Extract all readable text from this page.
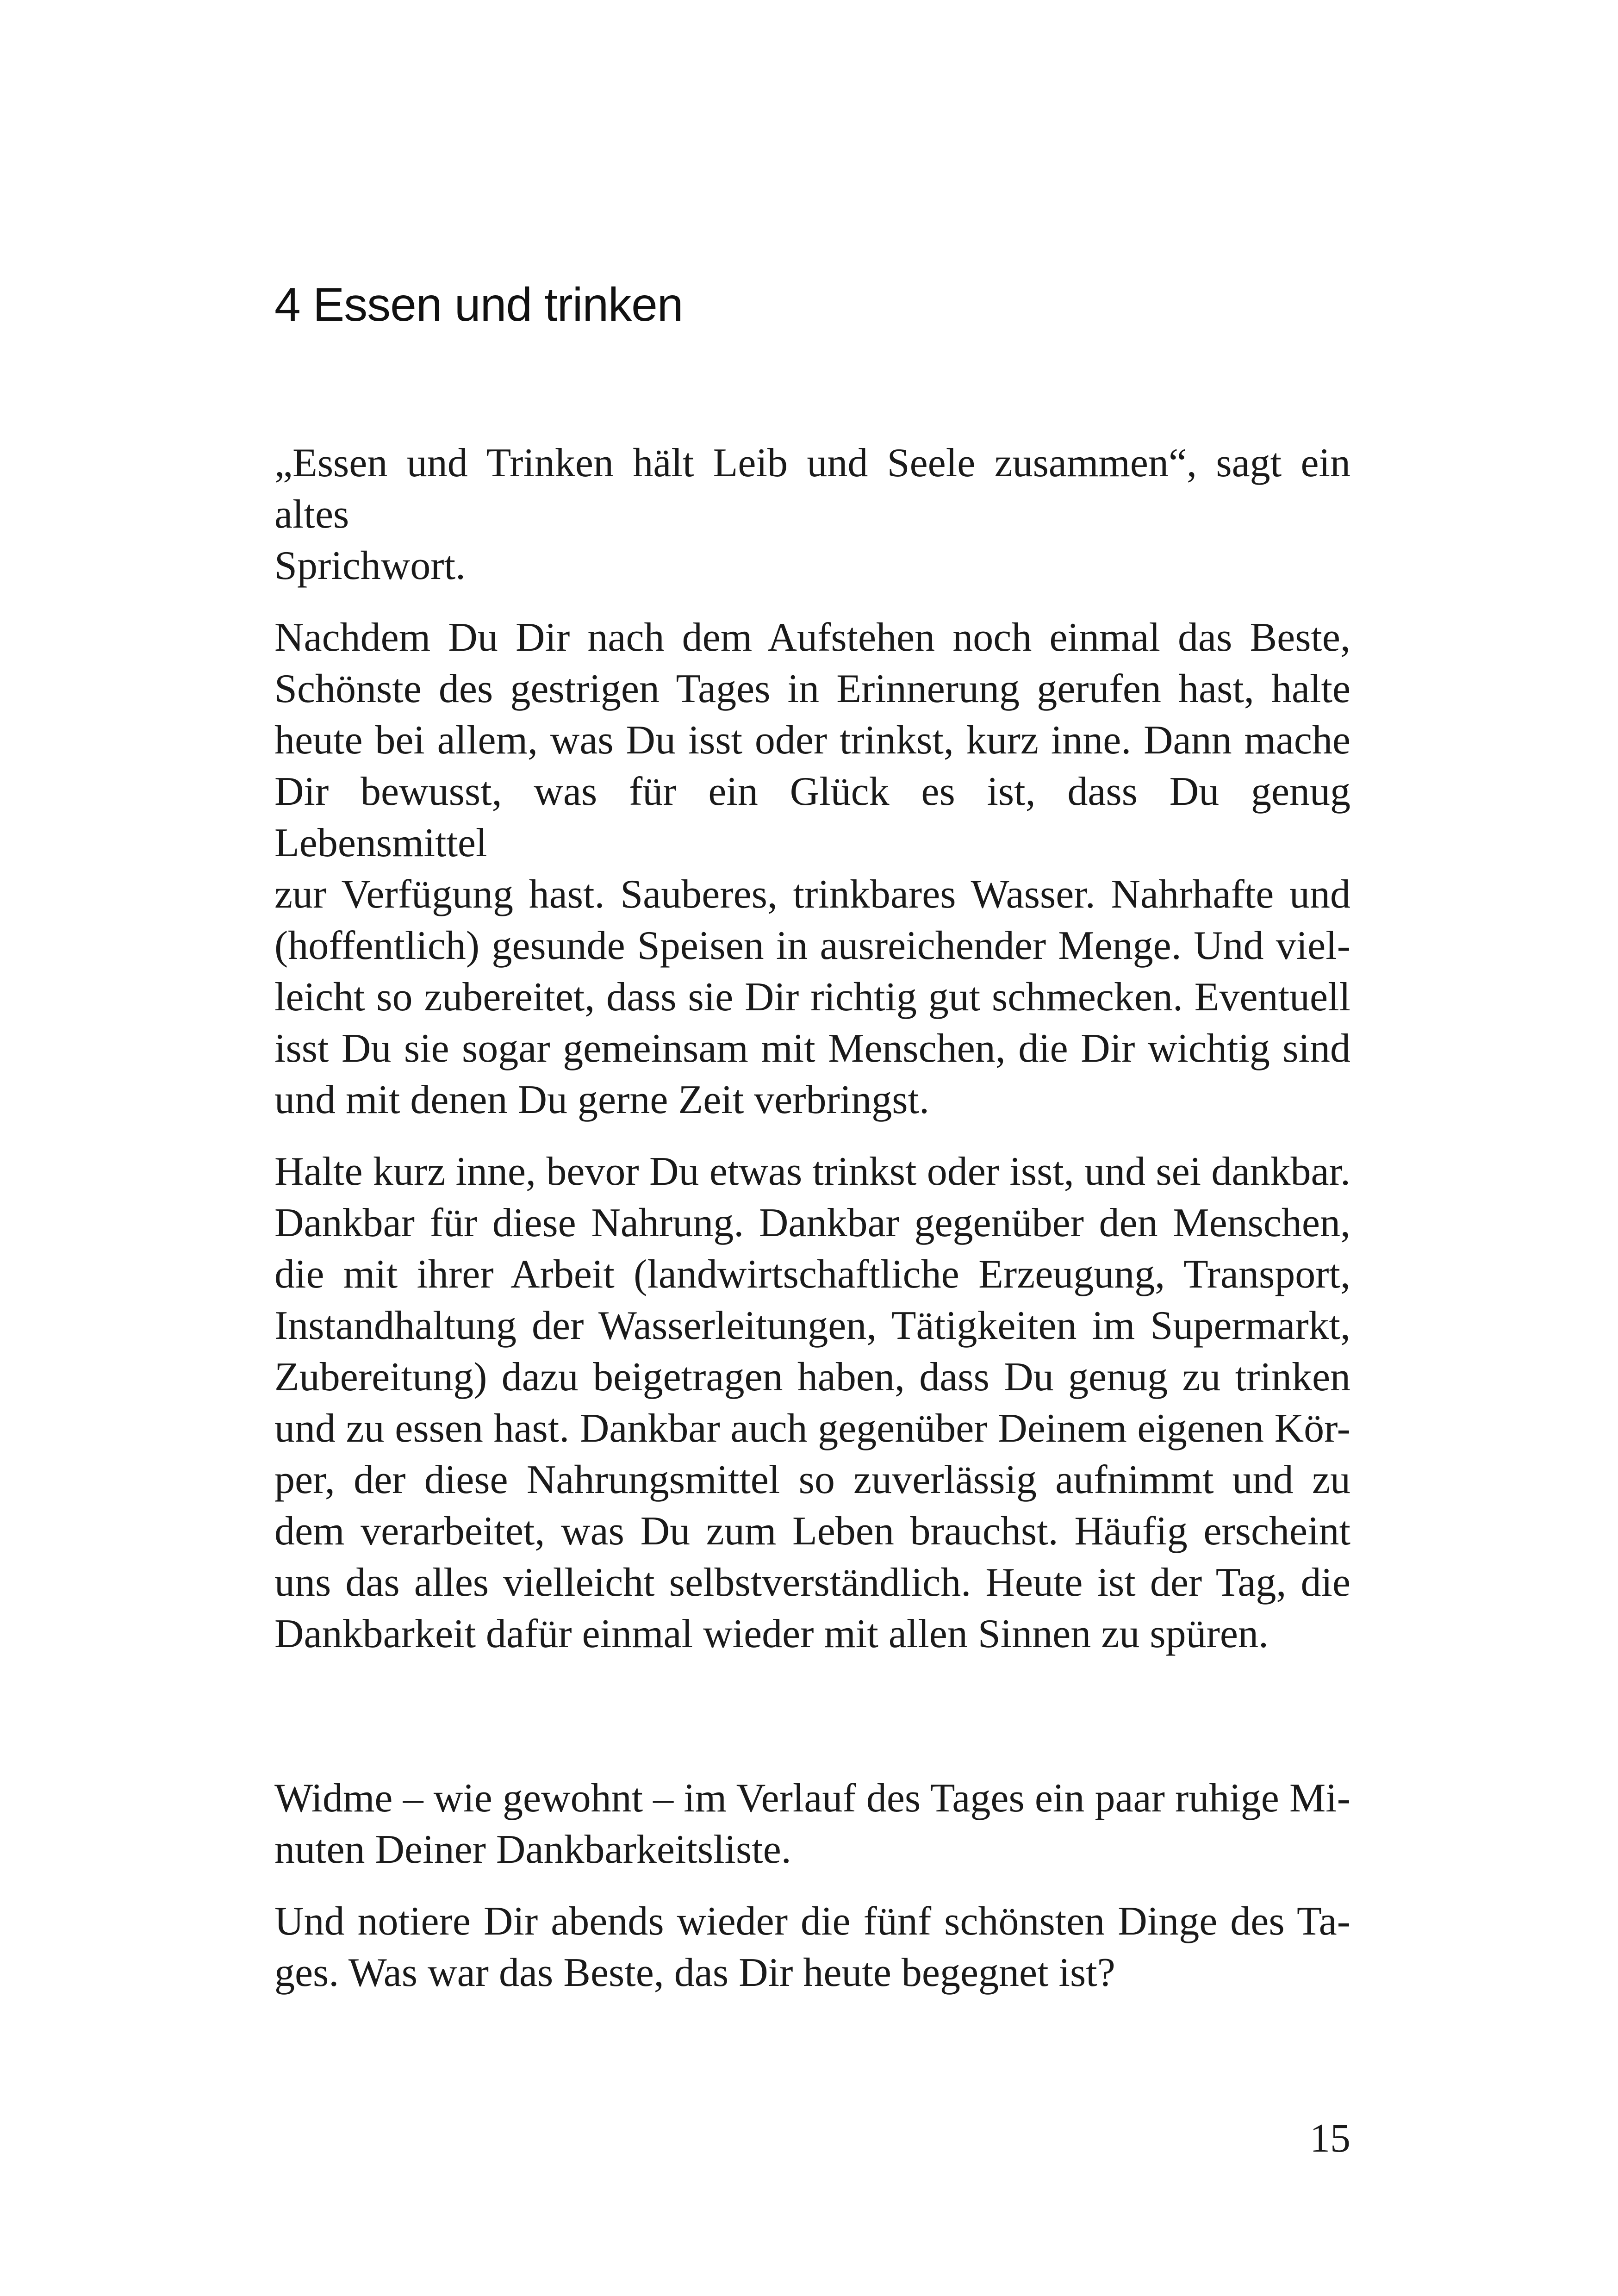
4 Essen und trinken

„Essen und Trinken hält Leib und Seele zusammen“, sagt ein altes
Sprichwort.

Nachdem Du Dir nach dem Aufstehen noch einmal das Beste,
Schönste des gestrigen Tages in Erinnerung gerufen hast, halte
heute bei allem, was Du isst oder trinkst, kurz inne. Dann mache
Dir bewusst, was für ein Glück es ist, dass Du genug Lebensmittel
zur Verfügung hast. Sauberes, trinkbares Wasser. Nahrhafte und
(hoffentlich) gesunde Speisen in ausreichender Menge. Und viel-
leicht so zubereitet, dass sie Dir richtig gut schmecken. Eventuell
isst Du sie sogar gemeinsam mit Menschen, die Dir wichtig sind
und mit denen Du gerne Zeit verbringst.

Halte kurz inne, bevor Du etwas trinkst oder isst, und sei dankbar.
Dankbar für diese Nahrung. Dankbar gegenüber den Menschen,
die mit ihrer Arbeit (landwirtschaftliche Erzeugung, Transport,
Instandhaltung der Wasserleitungen, Tätigkeiten im Supermarkt,
Zubereitung) dazu beigetragen haben, dass Du genug zu trinken
und zu essen hast. Dankbar auch gegenüber Deinem eigenen Kör-
per, der diese Nahrungsmittel so zuverlässig aufnimmt und zu
dem verarbeitet, was Du zum Leben brauchst. Häufig erscheint
uns das alles vielleicht selbstverständlich. Heute ist der Tag, die
Dankbarkeit dafür einmal wieder mit allen Sinnen zu spüren.

Widme – wie gewohnt – im Verlauf des Tages ein paar ruhige Mi-
nuten Deiner Dankbarkeitsliste.

Und notiere Dir abends wieder die fünf schönsten Dinge des Ta-
ges. Was war das Beste, das Dir heute begegnet ist?

15
